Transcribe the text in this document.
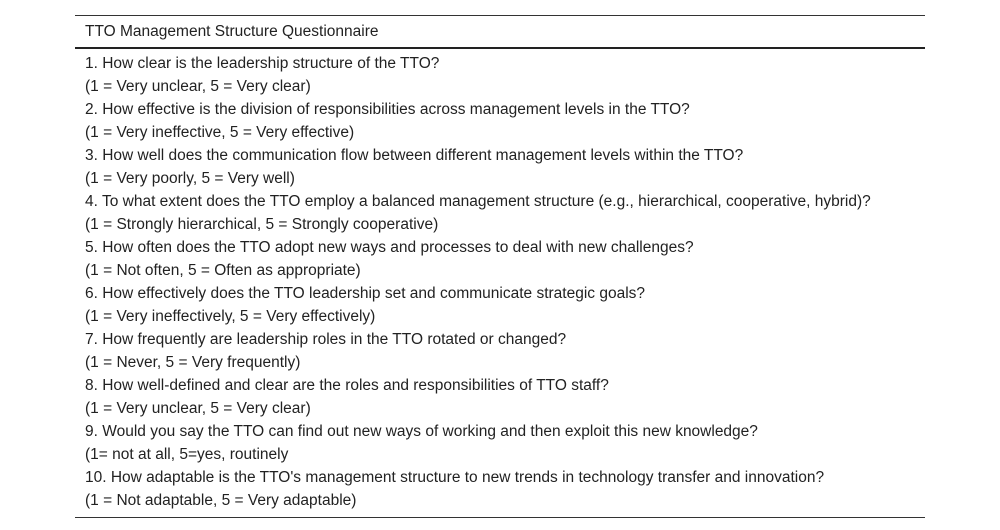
TTO Management Structure Questionnaire
1. How clear is the leadership structure of the TTO?
(1 = Very unclear, 5 = Very clear)
2. How effective is the division of responsibilities across management levels in the TTO?
(1 = Very ineffective, 5 = Very effective)
3. How well does the communication flow between different management levels within the TTO?
(1 = Very poorly, 5 = Very well)
4. To what extent does the TTO employ a balanced management structure (e.g., hierarchical, cooperative, hybrid)?
(1 = Strongly hierarchical, 5 = Strongly cooperative)
5. How often does the TTO adopt new ways and processes to deal with new challenges?
(1 = Not often, 5 = Often as appropriate)
6. How effectively does the TTO leadership set and communicate strategic goals?
(1 = Very ineffectively, 5 = Very effectively)
7. How frequently are leadership roles in the TTO rotated or changed?
(1 = Never, 5 = Very frequently)
8. How well-defined and clear are the roles and responsibilities of TTO staff?
(1 = Very unclear, 5 = Very clear)
9. Would you say the TTO can find out new ways of working and then exploit this new knowledge?
(1= not at all, 5=yes, routinely
10. How adaptable is the TTO's management structure to new trends in technology transfer and innovation?
(1 = Not adaptable, 5 = Very adaptable)
